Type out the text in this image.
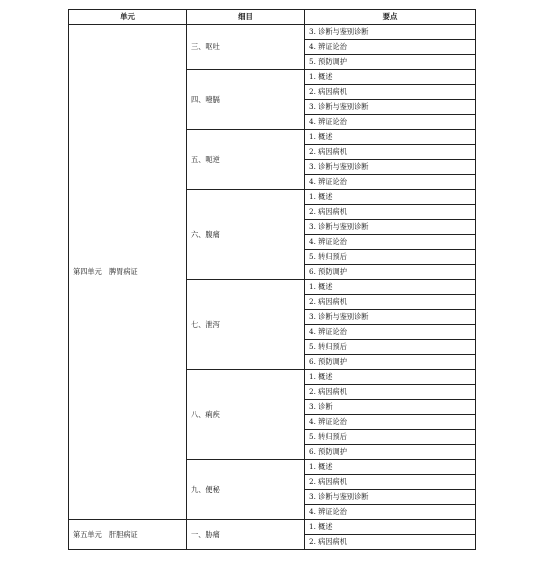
单元	细目	要点
第四单元　脾胃病证	三、呕吐	3. 诊断与鉴别诊断
		4. 辨证论治
		5. 预防调护
	四、噎膈	1. 概述
		2. 病因病机
		3. 诊断与鉴别诊断
		4. 辨证论治
	五、呃逆	1. 概述
		2. 病因病机
		3. 诊断与鉴别诊断
		4. 辨证论治
	六、腹痛	1. 概述
		2. 病因病机
		3. 诊断与鉴别诊断
		4. 辨证论治
		5. 转归预后
		6. 预防调护
	七、泄泻	1. 概述
		2. 病因病机
		3. 诊断与鉴别诊断
		4. 辨证论治
		5. 转归预后
		6. 预防调护
	八、痢疾	1. 概述
		2. 病因病机
		3. 诊断
		4. 辨证论治
		5. 转归预后
		6. 预防调护
	九、便秘	1. 概述
		2. 病因病机
		3. 诊断与鉴别诊断
		4. 辨证论治
第五单元　肝胆病证	一、胁痛	1. 概述
		2. 病因病机
